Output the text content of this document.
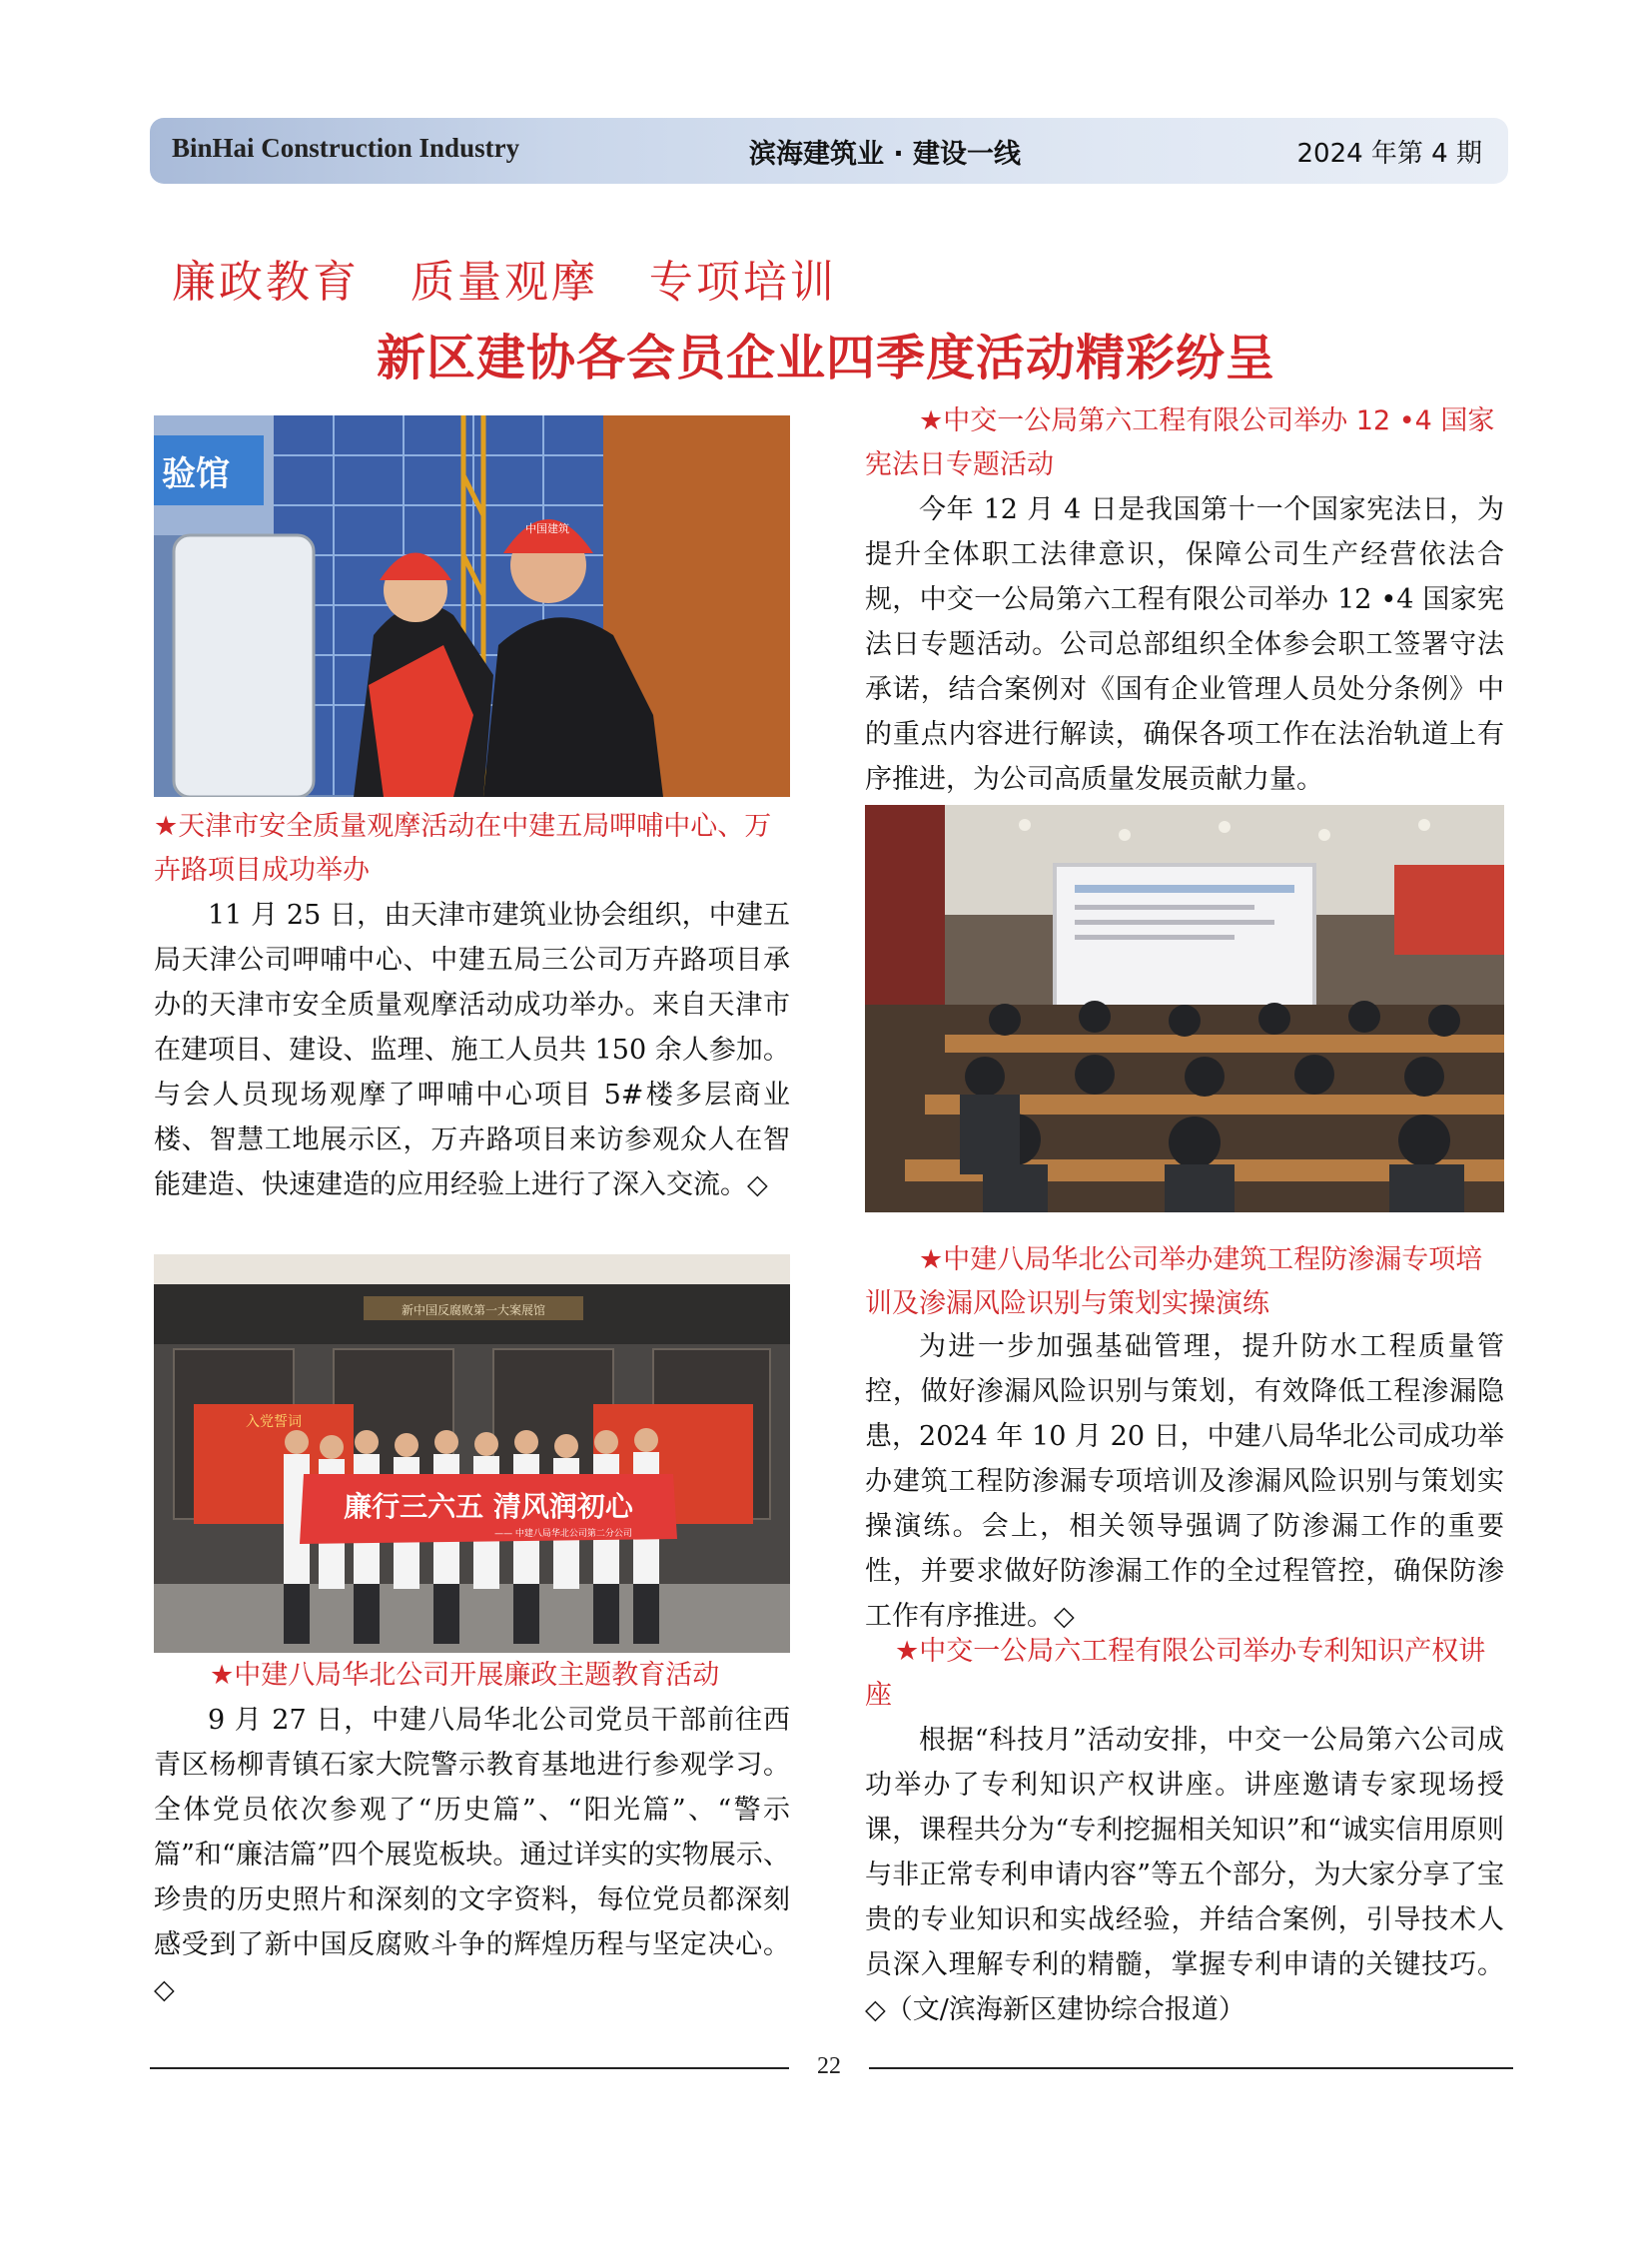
BinHai Construction Industry	滨海建筑业 · 建设一线	2024 年第 4 期
廉政教育   质量观摩   专项培训
新区建协各会员企业四季度活动精彩纷呈
验馆
中国建筑
★天津市安全质量观摩活动在中建五局呷哺中心、万卉路项目成功举办
11 月 25 日，由天津市建筑业协会组织，中建五局天津公司呷哺中心、中建五局三公司万卉路项目承办的天津市安全质量观摩活动成功举办。来自天津市在建项目、建设、监理、施工人员共 150 余人参加。与会人员现场观摩了呷哺中心项目 5#楼多层商业楼、智慧工地展示区，万卉路项目来访参观众人在智能建造、快速建造的应用经验上进行了深入交流。◇
新中国反腐败第一大案展馆
入党誓词
廉行三六五 清风润初心
—— 中建八局华北公司第二分公司
★中建八局华北公司开展廉政主题教育活动
9 月 27 日，中建八局华北公司党员干部前往西青区杨柳青镇石家大院警示教育基地进行参观学习。全体党员依次参观了“历史篇”、“阳光篇”、“警示篇”和“廉洁篇”四个展览板块。通过详实的实物展示、珍贵的历史照片和深刻的文字资料，每位党员都深刻感受到了新中国反腐败斗争的辉煌历程与坚定决心。◇
★中交一公局第六工程有限公司举办 12 •4 国家宪法日专题活动
今年 12 月 4 日是我国第十一个国家宪法日，为提升全体职工法律意识，保障公司生产经营依法合规，中交一公局第六工程有限公司举办 12 •4 国家宪法日专题活动。公司总部组织全体参会职工签署守法承诺，结合案例对《国有企业管理人员处分条例》中的重点内容进行解读，确保各项工作在法治轨道上有序推进，为公司高质量发展贡献力量。
★中建八局华北公司举办建筑工程防渗漏专项培训及渗漏风险识别与策划实操演练
为进一步加强基础管理，提升防水工程质量管控，做好渗漏风险识别与策划，有效降低工程渗漏隐患，2024 年 10 月 20 日，中建八局华北公司成功举办建筑工程防渗漏专项培训及渗漏风险识别与策划实操演练。会上，相关领导强调了防渗漏工作的重要性，并要求做好防渗漏工作的全过程管控，确保防渗工作有序推进。◇
★中交一公局六工程有限公司举办专利知识产权讲座
根据“科技月”活动安排，中交一公局第六公司成功举办了专利知识产权讲座。讲座邀请专家现场授课，课程共分为“专利挖掘相关知识”和“诚实信用原则与非正常专利申请内容”等五个部分，为大家分享了宝贵的专业知识和实战经验，并结合案例，引导技术人员深入理解专利的精髓，掌握专利申请的关键技巧。◇（文/滨海新区建协综合报道）
22
